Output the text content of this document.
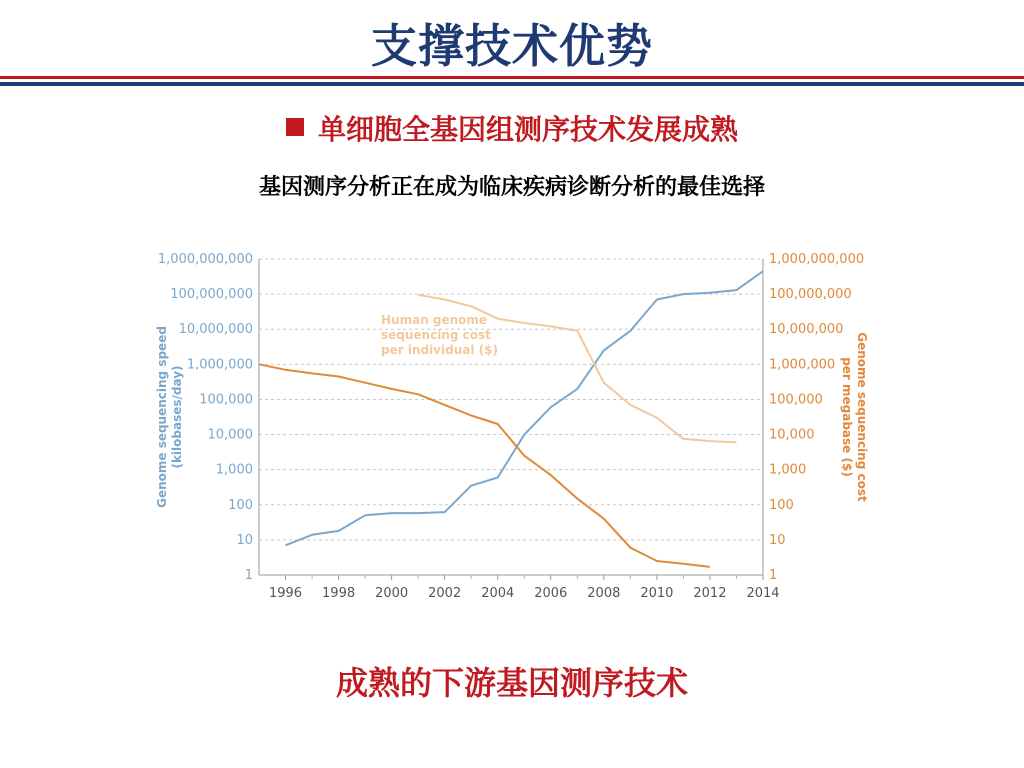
支撑技术优势
单细胞全基因组测序技术发展成熟
基因测序分析正在成为临床疾病诊断分析的最佳选择
1996 1998 2000 2002 2004 2006 2008 2010 2012 2014
1
10
100
1,000
10,000
100,000
1,000,000
10,000,000
100,000,000
1,000,000,000
1
10
100
1,000
10,000
100,000
1,000,000
10,000,000
100,000,000
1,000,000,000
Genome sequencing speed(kilobases/day)	Genome sequencing costper megabase ($)
Human genome sequencing cost per individual ($)
成熟的下游基因测序技术
